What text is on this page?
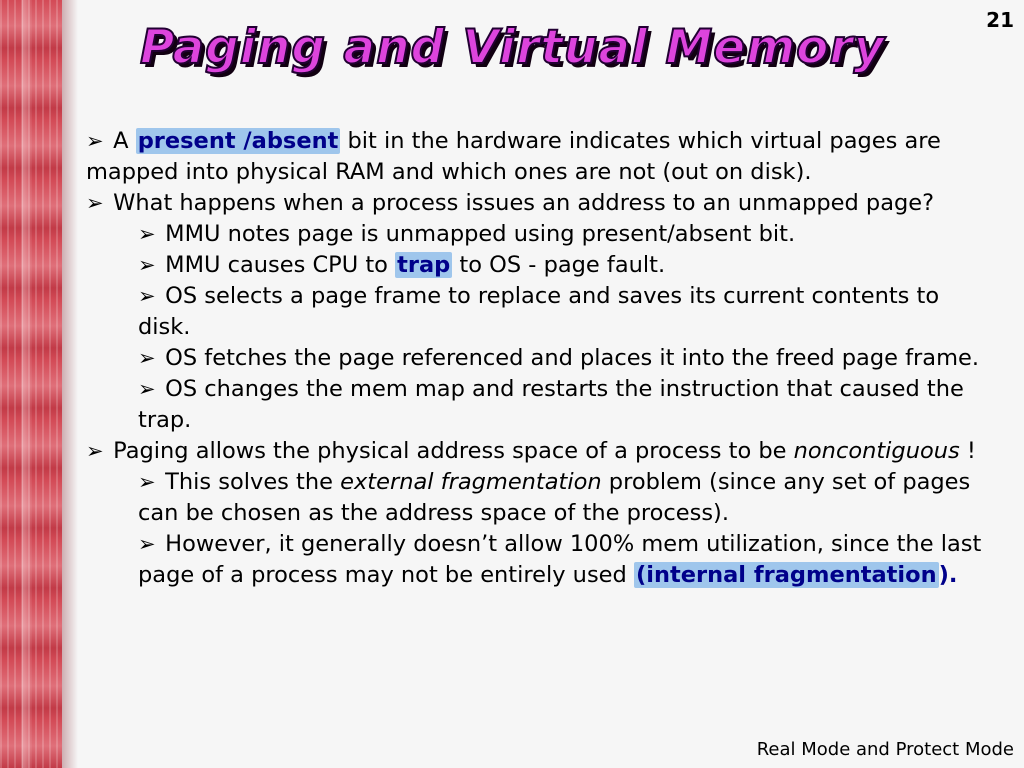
21
Paging and Virtual Memory

➢ A present /absent bit in the hardware indicates which virtual pages are mapped into physical RAM and which ones are not (out on disk).

➢ What happens when a process issues an address to an unmapped page?

➢ MMU notes page is unmapped using present/absent bit.

➢ MMU causes CPU to trap to OS - page fault.

➢ OS selects a page frame to replace and saves its current contents to disk.

➢ OS fetches the page referenced and places it into the freed page frame.

➢ OS changes the mem map and restarts the instruction that caused the trap.

➢ Paging allows the physical address space of a process to be noncontiguous !

➢ This solves the external fragmentation problem (since any set of pages can be chosen as the address space of the process).

➢ However, it generally doesn’t allow 100% mem utilization, since the last page of a process may not be entirely used (internal fragmentation).

Real Mode and Protect Mode
